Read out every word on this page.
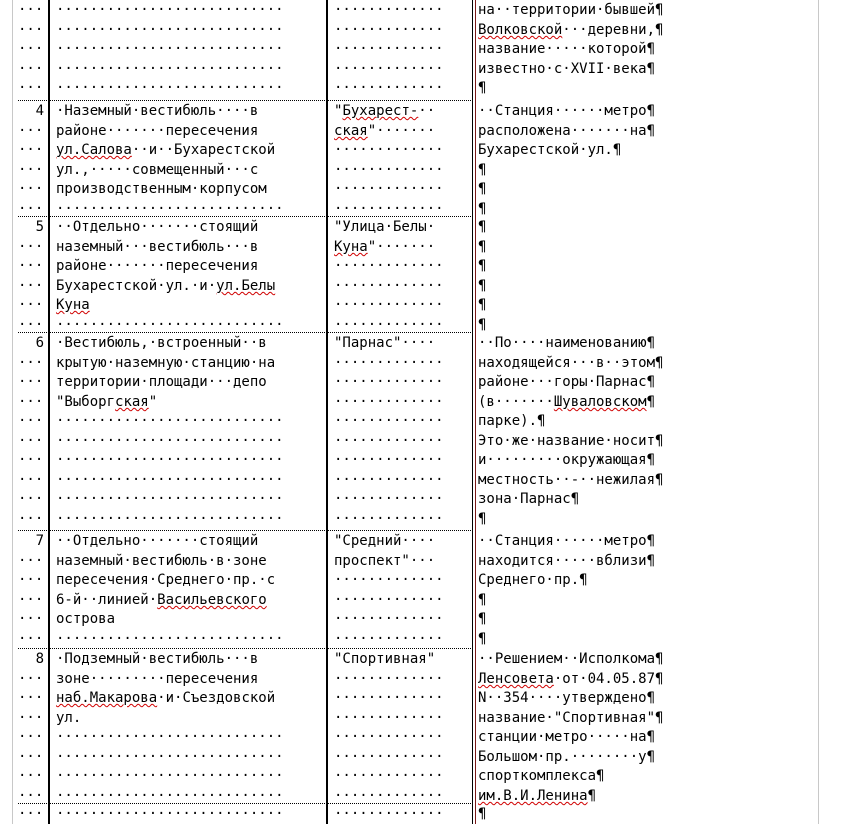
··· ···························	·············	на··территории·бывшей¶
··· ···························	·············	Волковской···деревни,¶
··· ···························	·············	название·····которой¶
··· ···························	·············	известно·с·XVII·века¶
··· ···························	·············	¶
4 ·Наземный·вестибюль····в	"Бухарест-··	··Станция······метро¶
··· районе·······пересечения	ская"·······	расположена·······на¶
··· ул.Салова··и··Бухарестской	·············	Бухарестской·ул.¶
··· ул.,·····совмещенный···с	·············	¶
··· производственным·корпусом	·············	¶
··· ···························	·············	¶
5 ··Отдельно·······стоящий	"Улица·Белы·	¶
··· наземный···вестибюль···в	Куна"·······	¶
··· районе·······пересечения	·············	¶
··· Бухарестской·ул.·и·ул.Белы	·············	¶
··· Куна	·············	¶
··· ···························	·············	¶
6 ·Вестибюль,·встроенный··в	"Парнас"····	··По····наименованию¶
··· крытую·наземную·станцию·на	·············	находящейся···в··этом¶
··· территории·площади···депо	·············	районе···горы·Парнас¶
··· "Выборгская"	·············	(в·······Шуваловском¶
··· ···························	·············	парке).¶
··· ···························	·············	Это·же·название·носит¶
··· ···························	·············	и·········окружающая¶
··· ···························	·············	местность··-··нежилая¶
··· ···························	·············	зона·Парнас¶
··· ···························	·············	¶
7 ··Отдельно·······стоящий	"Средний····	··Станция······метро¶
··· наземный·вестибюль·в·зоне	проспект"···	находится·····вблизи¶
··· пересечения·Среднего·пр.·с	·············	Среднего·пр.¶
··· 6-й··линией·Васильевского	·············	¶
··· острова	·············	¶
··· ···························	·············	¶
8 ·Подземный·вестибюль···в	"Спортивная"	··Решением··Исполкома¶
··· зоне·········пересечения	·············	Ленсовета·от·04.05.87¶
··· наб.Макарова·и·Съездовской	·············	N··354····утверждено¶
··· ул.	·············	название·"Спортивная"¶
··· ···························	·············	станции·метро·····на¶
··· ···························	·············	Большом·пр.········у¶
··· ···························	·············	спорткомплекса¶
··· ···························	·············	им.В.И.Ленина¶
··· ···························	·············	¶
